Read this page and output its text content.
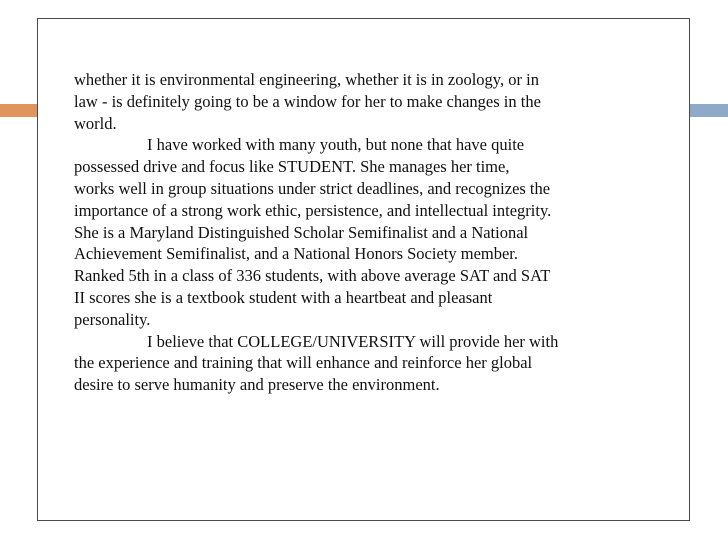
whether it is environmental engineering, whether it is in zoology, or in
law - is definitely going to be a window for her to make changes in the
world.
I have worked with many youth, but none that have quite
possessed drive and focus like STUDENT. She manages her time,
works well in group situations under strict deadlines, and recognizes the
importance of a strong work ethic, persistence, and intellectual integrity.
She is a Maryland Distinguished Scholar Semifinalist and a National
Achievement Semifinalist, and a National Honors Society member.
Ranked 5th in a class of 336 students, with above average SAT and SAT
II scores she is a textbook student with a heartbeat and pleasant
personality.
I believe that COLLEGE/UNIVERSITY will provide her with
the experience and training that will enhance and reinforce her global
desire to serve humanity and preserve the environment.
